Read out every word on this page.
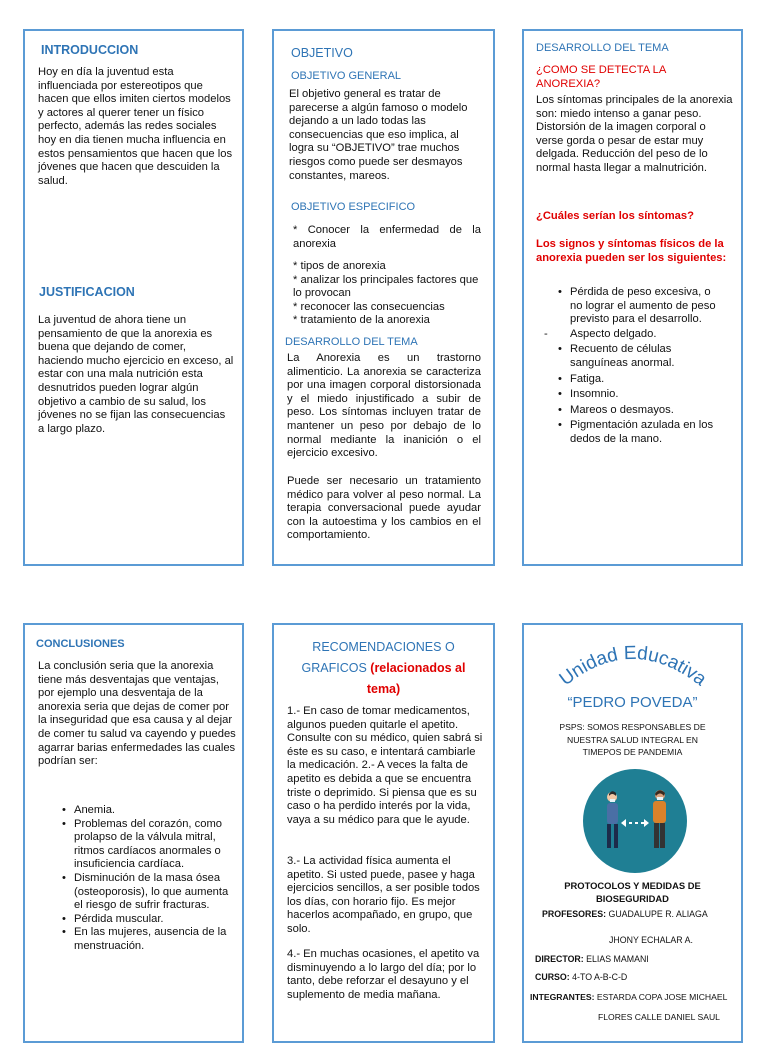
INTRODUCCION

Hoy en día la juventud esta influenciada por estereotipos que hacen que ellos imiten ciertos modelos y actores al querer tener un físico perfecto, además las redes sociales hoy en dia tienen mucha influencia en estos pensamientos que hacen que los jóvenes que hacen que descuiden la salud.

JUSTIFICACION

La juventud de ahora tiene un pensamiento de que la anorexia es buena que dejando de comer, haciendo mucho ejercicio en exceso, al estar con una mala nutrición esta desnutridos pueden lograr algún objetivo a cambio de su salud, los jóvenes no se fijan las consecuencias a largo plazo.

OBJETIVO

OBJETIVO GENERAL

El objetivo general es tratar de parecerse a algún famoso o modelo dejando a un lado todas las consecuencias que eso implica, al logra su “OBJETIVO” trae muchos riesgos como puede ser desmayos constantes, mareos.

OBJETIVO ESPECIFICO

* Conocer la enfermedad de la anorexia

* tipos de anorexia

* analizar los principales factores que lo provocan

* reconocer las consecuencias

* tratamiento de la anorexia

DESARROLLO DEL TEMA

La Anorexia es un trastorno alimenticio. La anorexia se caracteriza por una imagen corporal distorsionada y el miedo injustificado a subir de peso. Los síntomas incluyen tratar de mantener un peso por debajo de lo normal mediante la inanición o el ejercicio excesivo.

Puede ser necesario un tratamiento médico para volver al peso normal. La terapia conversacional puede ayudar con la autoestima y los cambios en el comportamiento.

DESARROLLO DEL TEMA

¿COMO SE DETECTA LA ANOREXIA?

Los síntomas principales de la anorexia son: miedo intenso a ganar peso. Distorsión de la imagen corporal o verse gorda o pesar de estar muy delgada. Reducción del peso de lo normal hasta llegar a malnutrición.

¿Cuáles serían los síntomas?

Los signos y síntomas físicos de la anorexia pueden ser los siguientes:

• Pérdida de peso excesiva, o no lograr el aumento de peso previsto para el desarrollo.
- Aspecto delgado.
• Recuento de células sanguíneas anormal.
• Fatiga.
• Insomnio.
• Mareos o desmayos.
• Pigmentación azulada en los dedos de la mano.

CONCLUSIONES

La conclusión seria que la anorexia tiene más desventajas que ventajas, por ejemplo una desventaja de la anorexia seria que dejas de comer por la inseguridad que esa causa y al dejar de comer tu salud va cayendo y puedes agarrar barias enfermedades las cuales podrían ser:

• Anemia.
• Problemas del corazón, como prolapso de la válvula mitral, ritmos cardíacos anormales o insuficiencia cardíaca.
• Disminución de la masa ósea (osteoporosis), lo que aumenta el riesgo de sufrir fracturas.
• Pérdida muscular.
• En las mujeres, ausencia de la menstruación.
RECOMENDACIONES O
GRAFICOS (relacionados al
tema)

1.- En caso de tomar medicamentos, algunos pueden quitarle el apetito. Consulte con su médico, quien sabrá si éste es su caso, e intentará cambiarle la medicación. 2.- A veces la falta de apetito es debida a que se encuentra triste o deprimido. Si piensa que es su caso o ha perdido interés por la vida, vaya a su médico para que le ayude.

3.- La actividad física aumenta el apetito. Si usted puede, pasee y haga ejercicios sencillos, a ser posible todos los días, con horario fijo. Es mejor hacerlos acompañado, en grupo, que solo.

4.- En muchas ocasiones, el apetito va disminuyendo a lo largo del día; por lo tanto, debe reforzar el desayuno y el suplemento de media mañana.

Unidad Educativa

“PEDRO POVEDA”

PSPS: SOMOS RESPONSABLES DE NUESTRA SALUD INTEGRAL EN TIMEPOS DE PANDEMIA

PROTOCOLOS Y MEDIDAS DE BIOSEGURIDAD

PROFESORES: GUADALUPE R. ALIAGA

JHONY ECHALAR A.

DIRECTOR: ELIAS MAMANI

CURSO: 4-TO A-B-C-D

INTEGRANTES: ESTARDA COPA JOSE MICHAEL

FLORES CALLE DANIEL SAUL
